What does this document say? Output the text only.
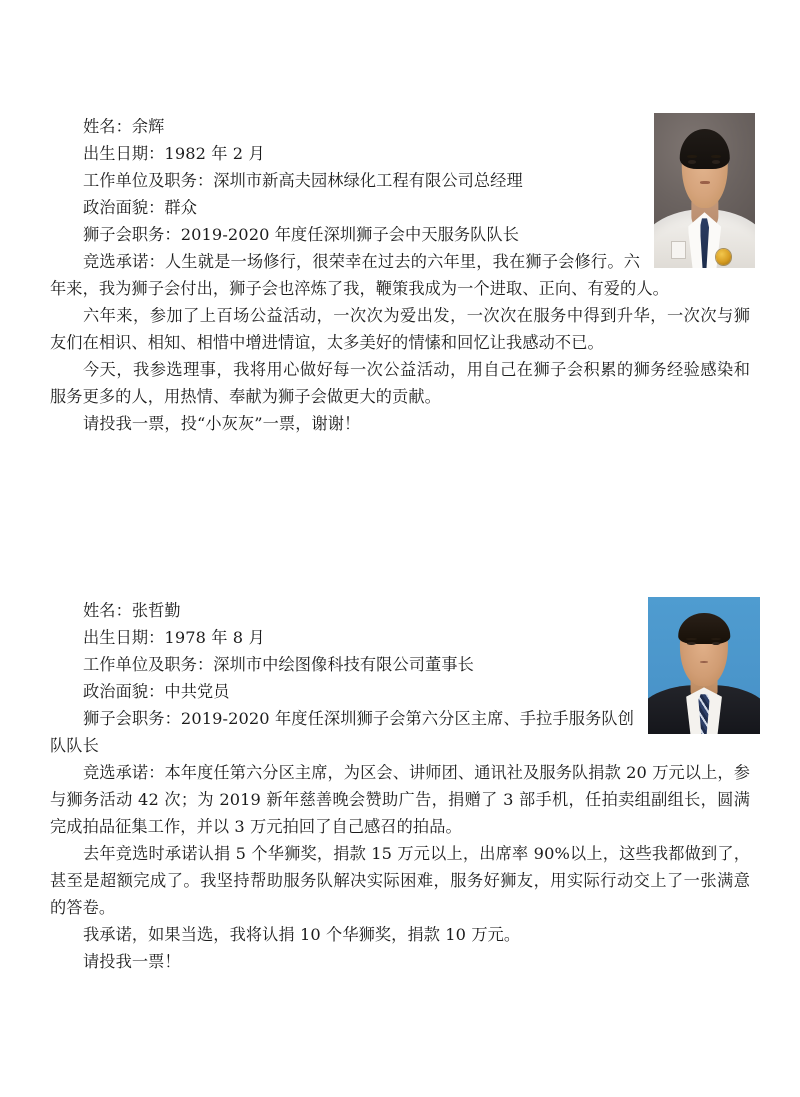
姓名：余辉

出生日期：1982 年 2 月

工作单位及职务：深圳市新高夫园林绿化工程有限公司总经理

政治面貌：群众

狮子会职务：2019-2020 年度任深圳狮子会中天服务队队长

竞选承诺：人生就是一场修行，很荣幸在过去的六年里，我在狮子会修行。六年来，我为狮子会付出，狮子会也淬炼了我，鞭策我成为一个进取、正向、有爱的人。

六年来，参加了上百场公益活动，一次次为爱出发，一次次在服务中得到升华，一次次与狮友们在相识、相知、相惜中增进情谊，太多美好的情愫和回忆让我感动不已。

今天，我参选理事，我将用心做好每一次公益活动，用自己在狮子会积累的狮务经验感染和服务更多的人，用热情、奉献为狮子会做更大的贡献。

请投我一票，投“小灰灰”一票，谢谢！

姓名：张哲勤

出生日期：1978 年 8 月

工作单位及职务：深圳市中绘图像科技有限公司董事长

政治面貌：中共党员

狮子会职务：2019-2020 年度任深圳狮子会第六分区主席、手拉手服务队创队队长

竞选承诺：本年度任第六分区主席，为区会、讲师团、通讯社及服务队捐款 20 万元以上，参与狮务活动 42 次；为 2019 新年慈善晚会赞助广告，捐赠了 3 部手机，任拍卖组副组长，圆满完成拍品征集工作，并以 3 万元拍回了自己感召的拍品。

去年竞选时承诺认捐 5 个华狮奖，捐款 15 万元以上，出席率 90%以上，这些我都做到了，甚至是超额完成了。我坚持帮助服务队解决实际困难，服务好狮友，用实际行动交上了一张满意的答卷。

我承诺，如果当选，我将认捐 10 个华狮奖，捐款 10 万元。

请投我一票！
